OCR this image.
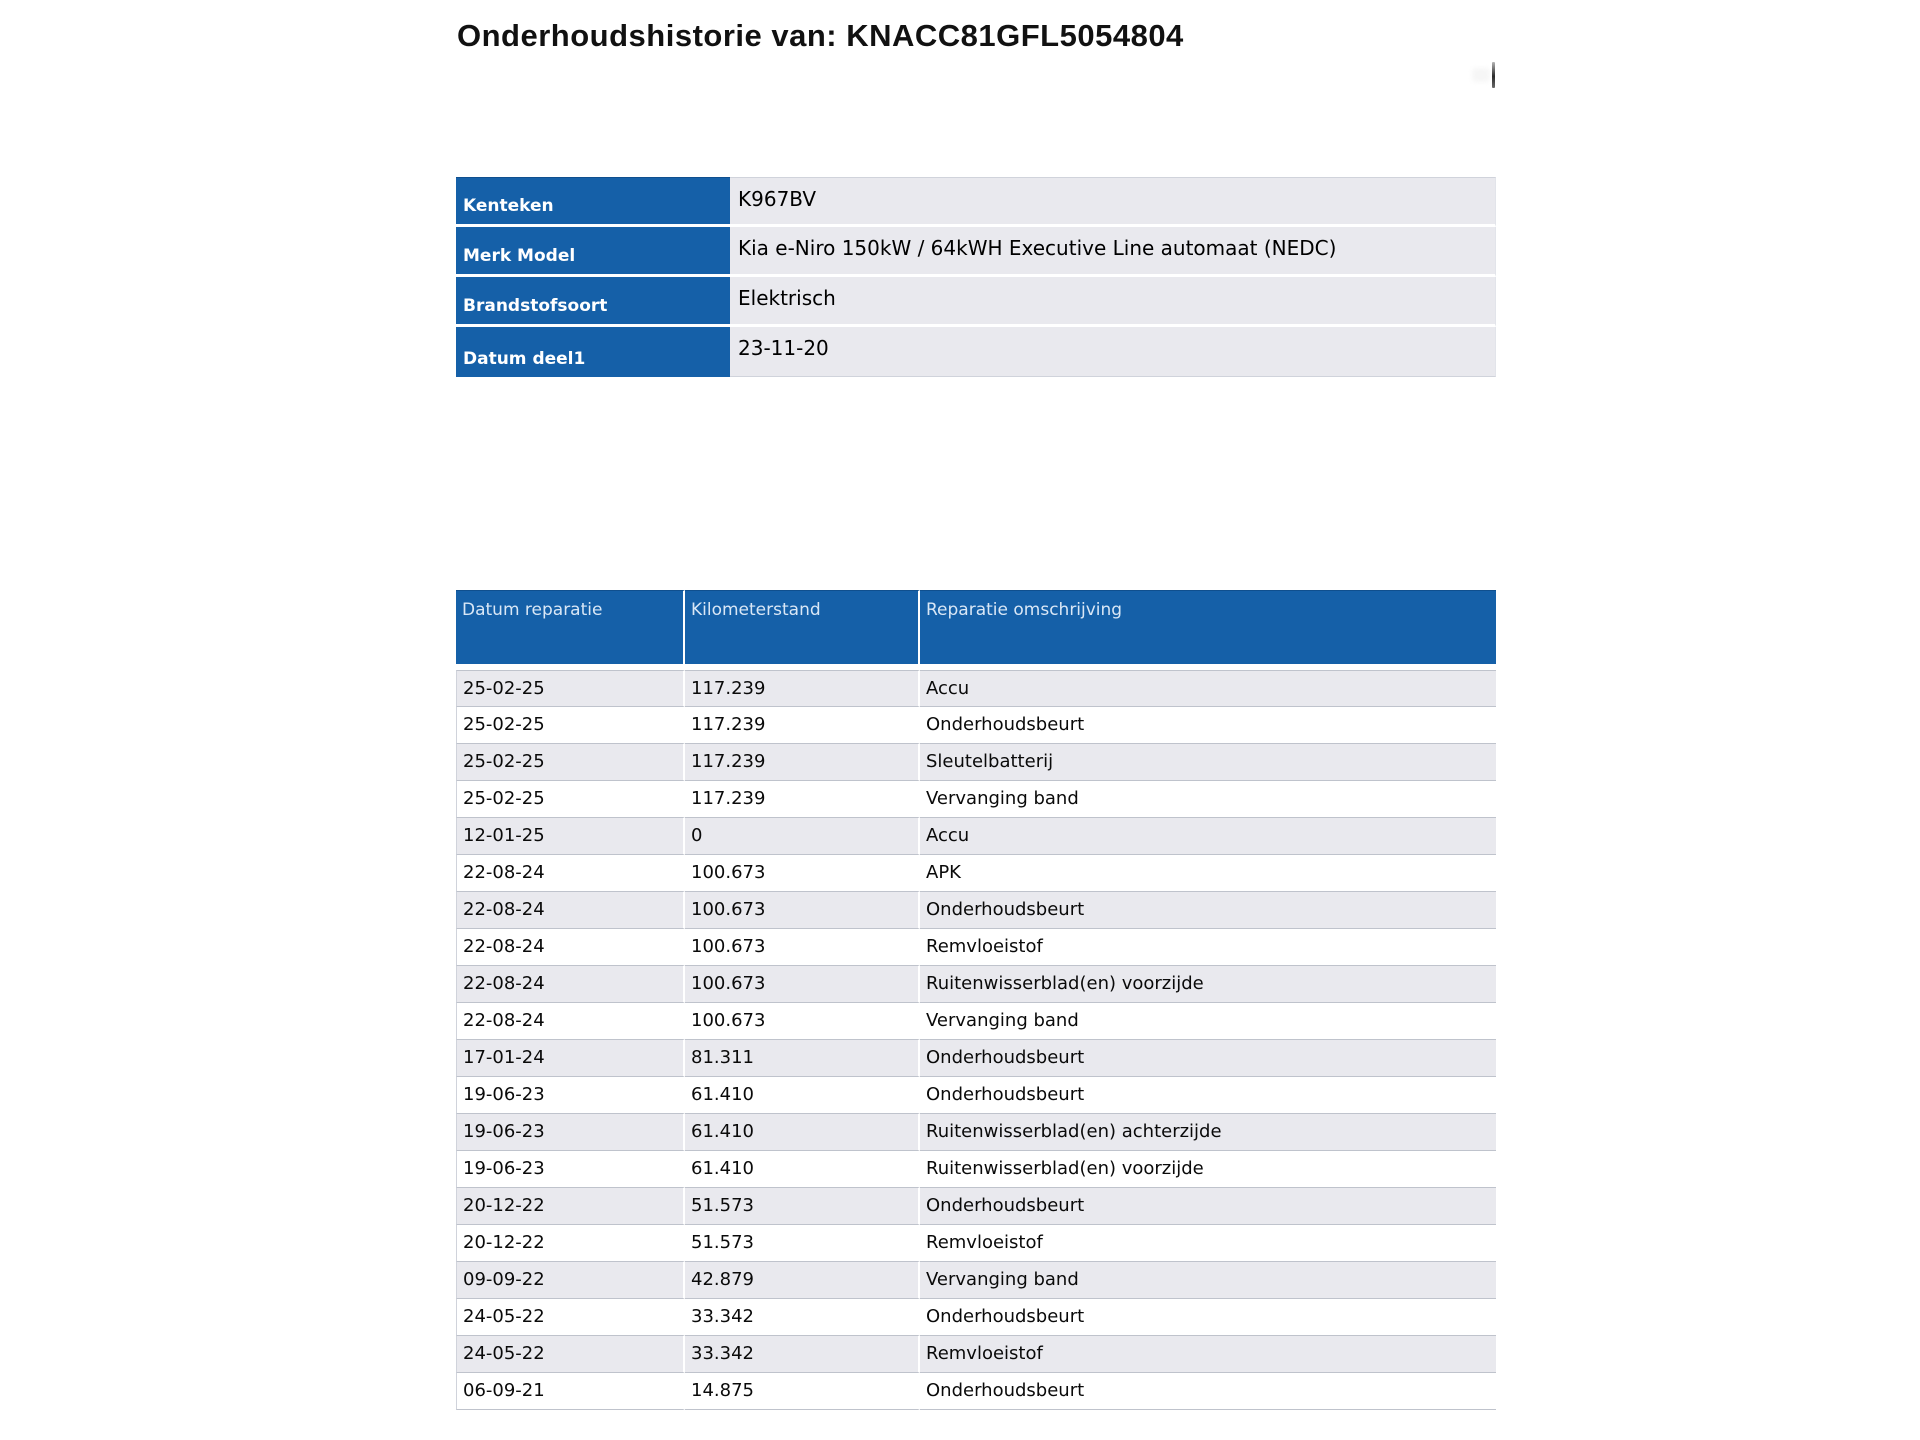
Onderhoudshistorie van: KNACC81GFL5054804
Kenteken	K967BV
Merk Model	Kia e-Niro 150kW / 64kWH Executive Line automaat (NEDC)
Brandstofsoort	Elektrisch
Datum deel1	23-11-20
Datum reparatie	Kilometerstand	Reparatie omschrijving
25-02-25	117.239	Accu
25-02-25	117.239	Onderhoudsbeurt
25-02-25	117.239	Sleutelbatterij
25-02-25	117.239	Vervanging band
12-01-25	0	Accu
22-08-24	100.673	APK
22-08-24	100.673	Onderhoudsbeurt
22-08-24	100.673	Remvloeistof
22-08-24	100.673	Ruitenwisserblad(en) voorzijde
22-08-24	100.673	Vervanging band
17-01-24	81.311	Onderhoudsbeurt
19-06-23	61.410	Onderhoudsbeurt
19-06-23	61.410	Ruitenwisserblad(en) achterzijde
19-06-23	61.410	Ruitenwisserblad(en) voorzijde
20-12-22	51.573	Onderhoudsbeurt
20-12-22	51.573	Remvloeistof
09-09-22	42.879	Vervanging band
24-05-22	33.342	Onderhoudsbeurt
24-05-22	33.342	Remvloeistof
06-09-21	14.875	Onderhoudsbeurt
